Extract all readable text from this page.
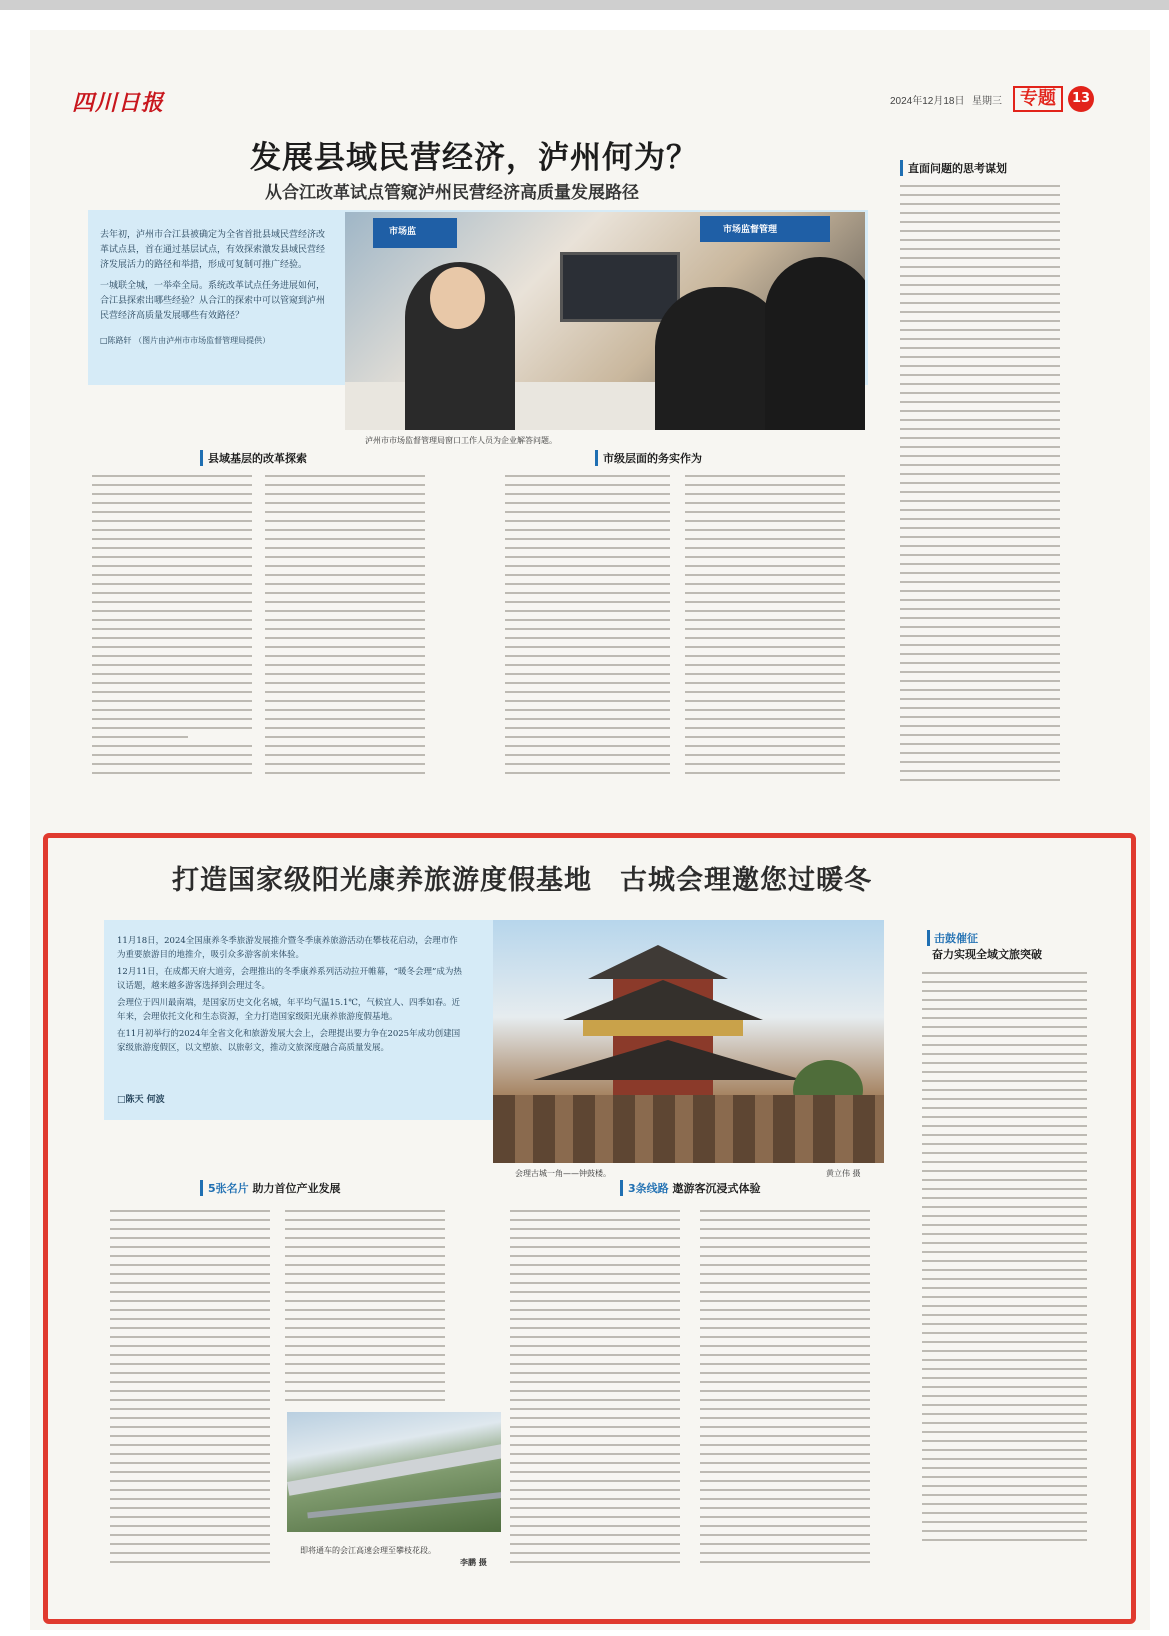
四川日报	2024年12月18日 星期三	专题	13
发展县域民营经济，泸州何为？
从合江改革试点管窥泸州民营经济高质量发展路径

去年初，泸州市合江县被确定为全省首批县域民营经济改革试点县，首在通过基层试点，有效探索激发县域民营经济发展活力的路径和举措，形成可复制可推广经验。

一城联全城，一举牵全局。系统改革试点任务进展如何，合江县探索出哪些经验？从合江的探索中可以管窥到泸州民营经济高质量发展哪些有效路径？

□陈路轩 （图片由泸州市市场监督管理局提供）
市场监	市场监督管理
泸州市市场监督管理局窗口工作人员为企业解答问题。
县域基层的改革探索	市级层面的务实作为
直面问题的思考谋划
打造国家级阳光康养旅游度假基地　古城会理邀您过暖冬

11月18日，2024全国康养冬季旅游发展推介暨冬季康养旅游活动在攀枝花启动，会理市作为重要旅游目的地推介，吸引众多游客前来体验。

12月11日，在成都天府大道旁，会理推出的冬季康养系列活动拉开帷幕，“暖冬会理”成为热议话题，越来越多游客选择到会理过冬。

会理位于四川最南端，是国家历史文化名城，年平均气温15.1℃，气候宜人、四季如春。近年来，会理依托文化和生态资源，全力打造国家级阳光康养旅游度假基地。

在11月初举行的2024年全省文化和旅游发展大会上，会理提出要力争在2025年成功创建国家级旅游度假区，以文塑旅、以旅彰文，推动文旅深度融合高质量发展。

□陈天 何波
会理古城一角——钟鼓楼。	黄立伟 摄
击鼓催征
奋力实现全域文旅突破
5张名片 助力首位产业发展	3条线路 遨游客沉浸式体验
即将通车的会江高速会理至攀枝花段。
李鹏 摄
